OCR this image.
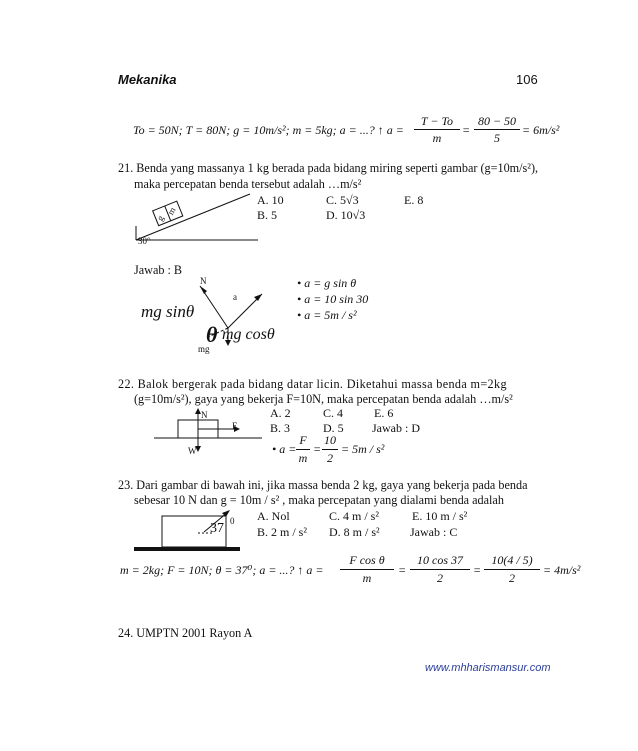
Mekanika	106
To = 50N; T = 80N; g = 10m/s²; m = 5kg; a = ...? ↑ a =
T − To
m
=
80 − 50
5
= 6m/s²
21. Benda yang massanya 1 kg berada pada bidang miring seperti gambar (g=10m/s²),
maka percepatan benda tersebut adalah …m/s²
A. 10	C. 5√3	E. 8
B. 5	D. 10√3
30°
m
g
Jawab : B
N
a
mg
mg sinθ
θ mg cosθ
• a = g sin θ
• a = 10 sin 30
• a = 5m / s²
22. Balok bergerak pada bidang datar licin. Diketahui massa benda m=2kg
(g=10m/s²), gaya yang bekerja F=10N, maka percepatan benda adalah …m/s²
A. 2	C. 4	E. 6
B. 3	D. 5 Jawab : D
N
F
W	• a =
F
m
=
10
2
= 5m / s²
23. Dari gambar di bawah ini, jika massa benda 2 kg, gaya yang bekerja pada benda
sebesar 10 N dan g = 10m / s² , maka percepatan yang dialami benda adalah
A. Nol	C. 4 m / s²	E. 10 m / s²
B. 2 m / s² D. 8 m / s²	Jawab : C
37 0
m = 2kg; F = 10N; θ = 37⁰; a = ...? ↑ a =
F cos θ
m
=
10 cos 37
2
=
10(4 / 5)
2
= 4m/s²
24. UMPTN 2001 Rayon A
www.mhharismansur.com
